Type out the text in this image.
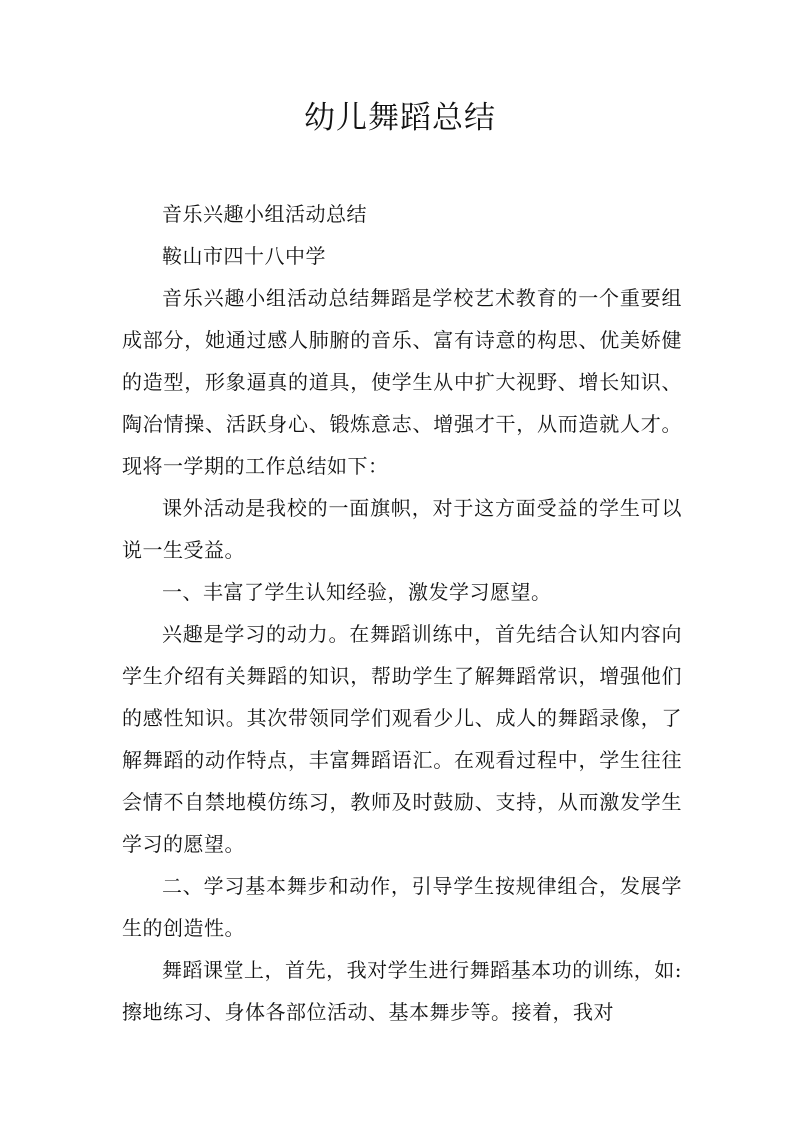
幼儿舞蹈总结

音乐兴趣小组活动总结

鞍山市四十八中学

音乐兴趣小组活动总结舞蹈是学校艺术教育的一个重要组成部分，她通过感人肺腑的音乐、富有诗意的构思、优美娇健的造型，形象逼真的道具，使学生从中扩大视野、增长知识、陶冶情操、活跃身心、锻炼意志、增强才干，从而造就人才。现将一学期的工作总结如下：

课外活动是我校的一面旗帜，对于这方面受益的学生可以说一生受益。

一、丰富了学生认知经验，激发学习愿望。

兴趣是学习的动力。在舞蹈训练中，首先结合认知内容向学生介绍有关舞蹈的知识，帮助学生了解舞蹈常识，增强他们的感性知识。其次带领同学们观看少儿、成人的舞蹈录像，了解舞蹈的动作特点，丰富舞蹈语汇。在观看过程中，学生往往会情不自禁地模仿练习，教师及时鼓励、支持，从而激发学生学习的愿望。

二、学习基本舞步和动作，引导学生按规律组合，发展学生的创造性。

舞蹈课堂上，首先，我对学生进行舞蹈基本功的训练，如:擦地练习、身体各部位活动、基本舞步等。接着，我对
